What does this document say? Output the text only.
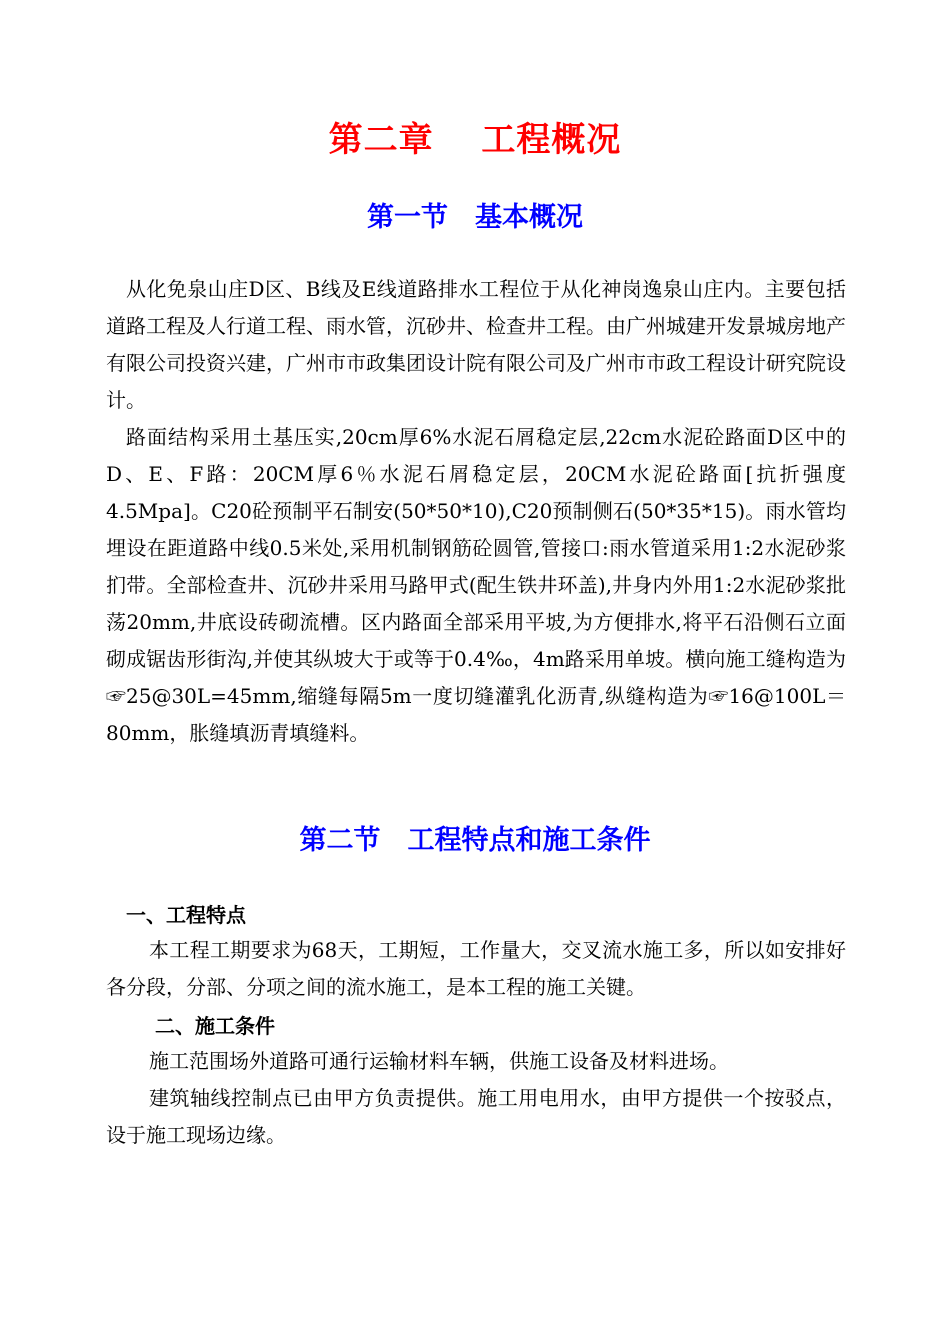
第二章　 工程概况
第一节　基本概况

从化免泉山庄D区、B线及E线道路排水工程位于从化神岗逸泉山庄内。主要包括道路工程及人行道工程、雨水管，沉砂井、检查井工程。由广州城建开发景城房地产有限公司投资兴建，广州市市政集团设计院有限公司及广州市市政工程设计研究院设计。

路面结构采用土基压实,20cm厚6%水泥石屑稳定层,22cm水泥砼路面D区中的D、E、F路：20CM厚6％水泥石屑稳定层，20CM水泥砼路面[抗折强度4.5Mpa]。C20砼预制平石制安(50*50*10),C20预制侧石(50*35*15)。雨水管均埋设在距道路中线0.5米处,采用机制钢筋砼圆管,管接口:雨水管道采用1:2水泥砂浆扪带。全部检查井、沉砂井采用马路甲式(配生铁井环盖),井身内外用1:2水泥砂浆批荡20mm,井底设砖砌流槽。区内路面全部采用平坡,为方便排水,将平石沿侧石立面砌成锯齿形街沟,并使其纵坡大于或等于0.4‰，4m路采用单坡。横向施工缝构造为☞25@30L=45mm,缩缝每隔5m一度切缝灌乳化沥青,纵缝构造为☞16@100L＝80mm，胀缝填沥青填缝料。

第二节　工程特点和施工条件
一、工程特点

本工程工期要求为68天，工期短，工作量大，交叉流水施工多，所以如安排好各分段，分部、分项之间的流水施工，是本工程的施工关键。

二、施工条件

施工范围场外道路可通行运输材料车辆，供施工设备及材料进场。

建筑轴线控制点已由甲方负责提供。施工用电用水，由甲方提供一个按驳点，设于施工现场边缘。
